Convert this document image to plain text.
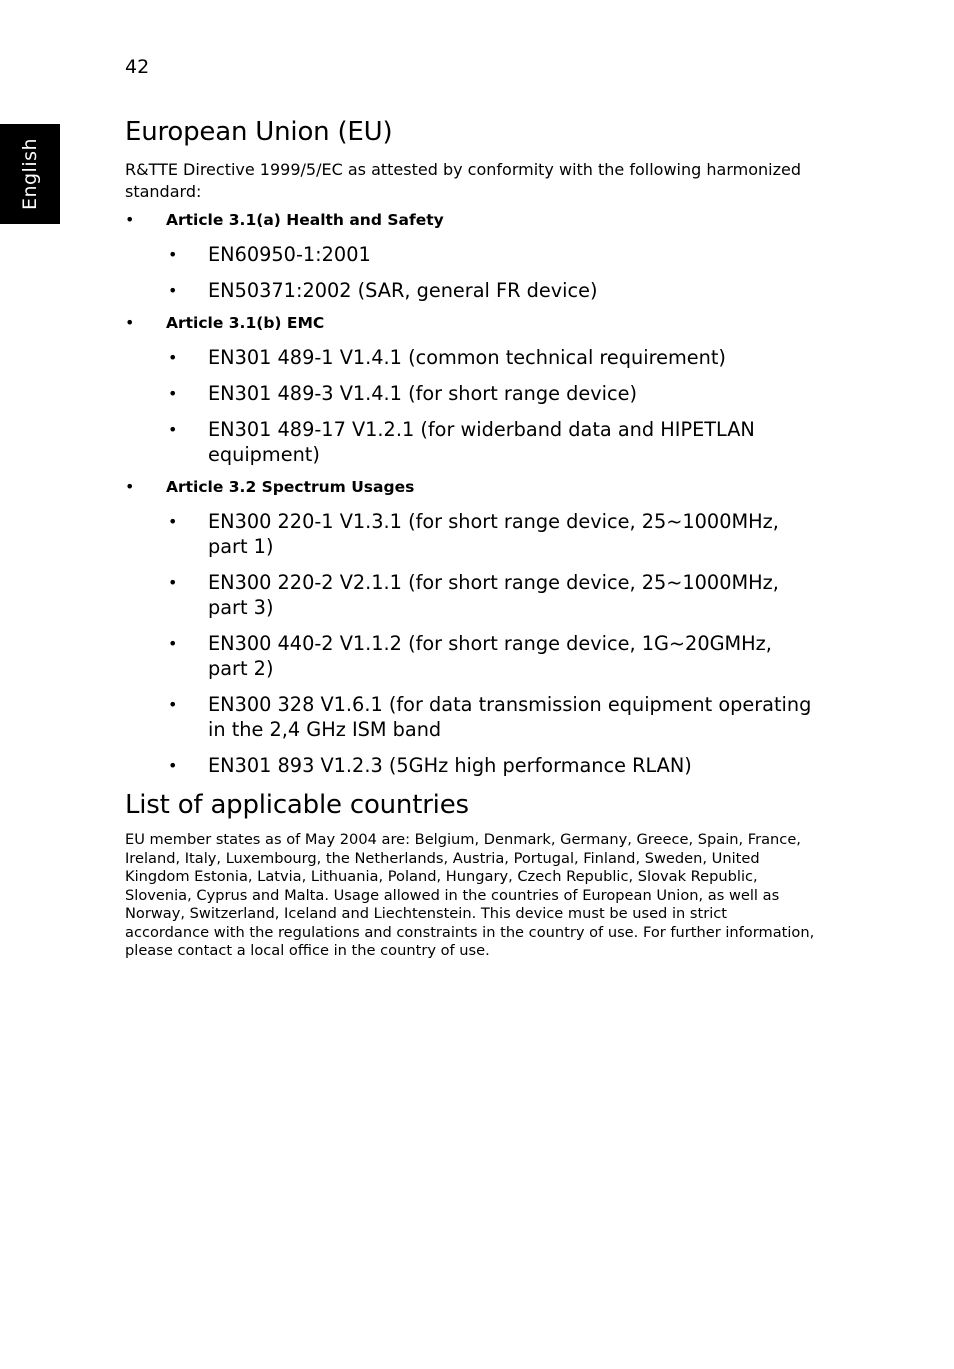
42
English
European Union (EU)

R&TTE Directive 1999/5/EC as attested by conformity with the following harmonized standard:

• Article 3.1(a) Health and Safety
• EN60950-1:2001
• EN50371:2002 (SAR, general FR device)
• Article 3.1(b) EMC
• EN301 489-1 V1.4.1 (common technical requirement)
• EN301 489-3 V1.4.1 (for short range device)
• EN301 489-17 V1.2.1 (for widerband data and HIPETLAN equipment)
• Article 3.2 Spectrum Usages
• EN300 220-1 V1.3.1 (for short range device, 25~1000MHz, part 1)
• EN300 220-2 V2.1.1 (for short range device, 25~1000MHz, part 3)
• EN300 440-2 V1.1.2 (for short range device, 1G~20GMHz, part 2)
• EN300 328 V1.6.1 (for data transmission equipment operating in the 2,4 GHz ISM band
• EN301 893 V1.2.3 (5GHz high performance RLAN)
List of applicable countries

EU member states as of May 2004 are: Belgium, Denmark, Germany, Greece, Spain, France, Ireland, Italy, Luxembourg, the Netherlands, Austria, Portugal, Finland, Sweden, United Kingdom Estonia, Latvia, Lithuania, Poland, Hungary, Czech Republic, Slovak Republic, Slovenia, Cyprus and Malta. Usage allowed in the countries of European Union, as well as Norway, Switzerland, Iceland and Liechtenstein. This device must be used in strict accordance with the regulations and constraints in the country of use. For further information, please contact a local office in the country of use.
